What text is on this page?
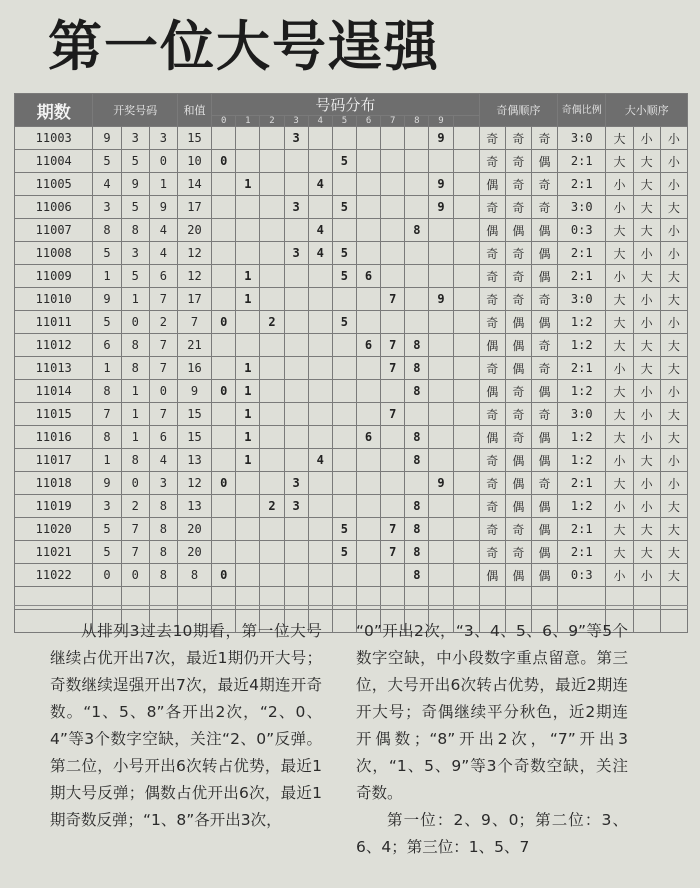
第一位大号逞强
期数	开奖号码			和值	号码分布											奇偶顺序			奇偶比例	大小顺序		
					0	1	2	3	4	5	6	7	8	9								
11003	9	3	3	15				3						9		奇	奇	奇	3:0	大	小	小
11004	5	5	0	10	0					5						奇	奇	偶	2:1	大	大	小
11005	4	9	1	14		1			4					9		偶	奇	奇	2:1	小	大	小
11006	3	5	9	17				3		5				9		奇	奇	奇	3:0	小	大	大
11007	8	8	4	20					4				8			偶	偶	偶	0:3	大	大	小
11008	5	3	4	12				3	4	5						奇	奇	偶	2:1	大	小	小
11009	1	5	6	12		1				5	6					奇	奇	偶	2:1	小	大	大
11010	9	1	7	17		1						7		9		奇	奇	奇	3:0	大	小	大
11011	5	0	2	7	0		2			5						奇	偶	偶	1:2	大	小	小
11012	6	8	7	21							6	7	8			偶	偶	奇	1:2	大	大	大
11013	1	8	7	16		1						7	8			奇	偶	奇	2:1	小	大	大
11014	8	1	0	9	0	1							8			偶	奇	偶	1:2	大	小	小
11015	7	1	7	15		1						7				奇	奇	奇	3:0	大	小	大
11016	8	1	6	15		1					6		8			偶	奇	偶	1:2	大	小	大
11017	1	8	4	13		1			4				8			奇	偶	偶	1:2	小	大	小
11018	9	0	3	12	0			3						9		奇	偶	奇	2:1	大	小	小
11019	3	2	8	13			2	3					8			奇	偶	偶	1:2	小	小	大
11020	5	7	8	20						5		7	8			奇	奇	偶	2:1	大	大	大
11021	5	7	8	20						5		7	8			奇	奇	偶	2:1	大	大	大
11022	0	0	8	8	0								8			偶	偶	偶	0:3	小	小	大

从排列3过去10期看，第一位大号继续占优开出7次，最近1期仍开大号；奇数继续逞强开出7次，最近4期连开奇数。“1、5、8”各开出2次，“2、0、4”等3个数字空缺，关注“2、0”反弹。第二位，小号开出6次转占优势，最近1期大号反弹；偶数占优开出6次，最近1期奇数反弹；“1、8”各开出3次，

“0”开出2次，“3、4、5、6、9”等5个数字空缺，中小段数字重点留意。第三位，大号开出6次转占优势，最近2期连开大号；奇偶继续平分秋色，近2期连开偶数；“8”开出2次，“7”开出3次，“1、5、9”等3个奇数空缺，关注奇数。

第一位：2、9、0；第二位：3、6、4；第三位：1、5、7
